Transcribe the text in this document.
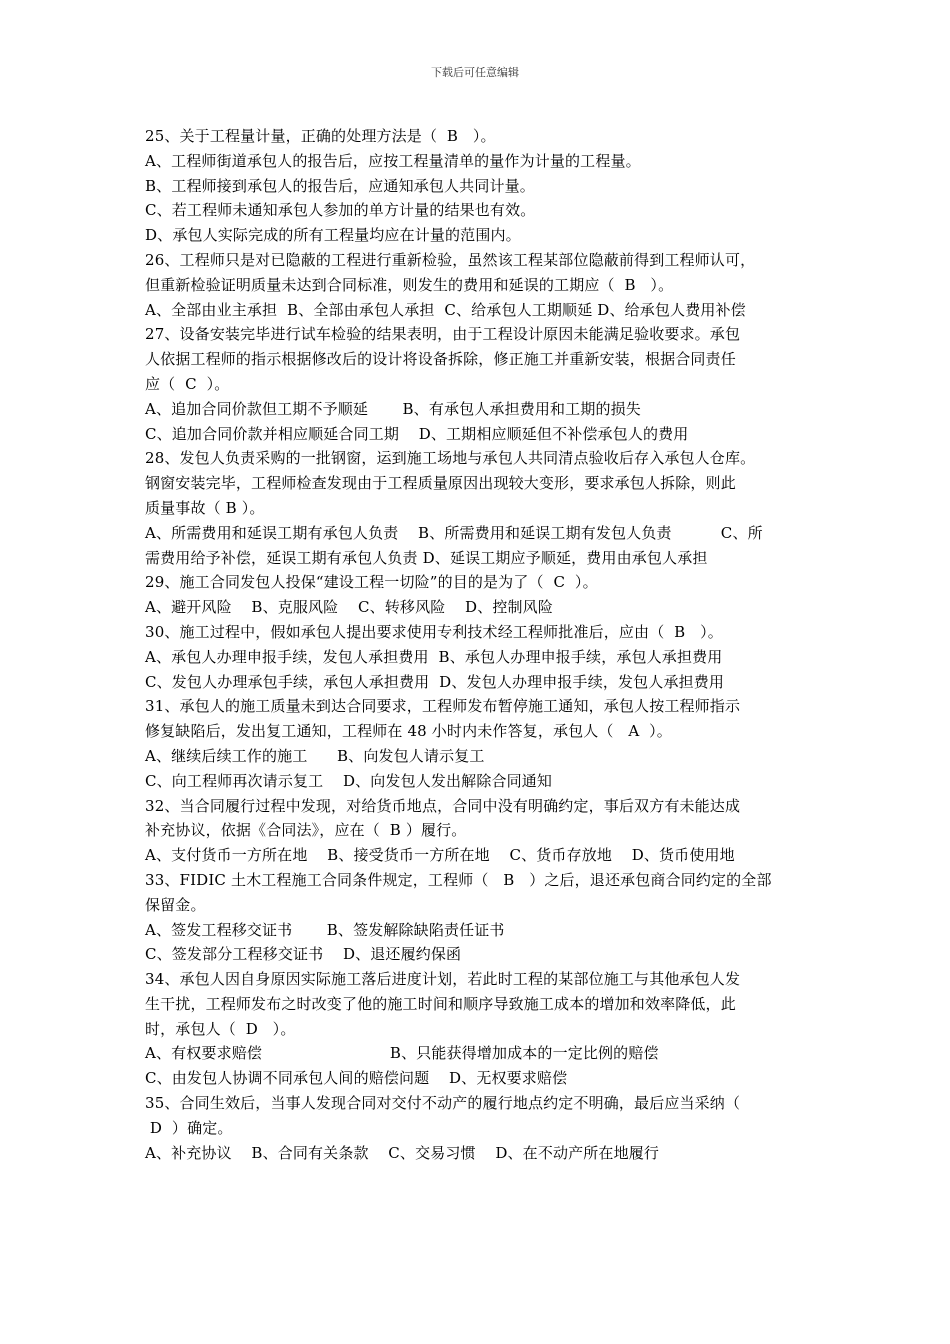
下载后可任意编辑
25、关于工程量计量，正确的处理方法是（  B   ）。
A、工程师街道承包人的报告后，应按工程量清单的量作为计量的工程量。
B、工程师接到承包人的报告后，应通知承包人共同计量。
C、若工程师未通知承包人参加的单方计量的结果也有效。
D、承包人实际完成的所有工程量均应在计量的范围内。
26、工程师只是对已隐蔽的工程进行重新检验，虽然该工程某部位隐蔽前得到工程师认可，
但重新检验证明质量未达到合同标准，则发生的费用和延误的工期应（  B   ）。
A、全部由业主承担  B、全部由承包人承担  C、给承包人工期顺延 D、给承包人费用补偿
27、设备安装完毕进行试车检验的结果表明，由于工程设计原因未能满足验收要求。承包
人依据工程师的指示根据修改后的设计将设备拆除，修正施工并重新安装，根据合同责任
应（  C  ）。
A、追加合同价款但工期不予顺延       B、有承包人承担费用和工期的损失
C、追加合同价款并相应顺延合同工期    D、工期相应顺延但不补偿承包人的费用
28、发包人负责采购的一批钢窗，运到施工场地与承包人共同清点验收后存入承包人仓库。
钢窗安装完毕，工程师检查发现由于工程质量原因出现较大变形，要求承包人拆除，则此
质量事故（ B ）。
A、所需费用和延误工期有承包人负责    B、所需费用和延误工期有发包人负责          C、所
需费用给予补偿，延误工期有承包人负责 D、延误工期应予顺延，费用由承包人承担
29、施工合同发包人投保“建设工程一切险”的目的是为了（  C  ）。
A、避开风险    B、克服风险    C、转移风险    D、控制风险
30、施工过程中，假如承包人提出要求使用专利技术经工程师批准后，应由（  B   ）。
A、承包人办理申报手续，发包人承担费用  B、承包人办理申报手续，承包人承担费用
C、发包人办理承包手续，承包人承担费用  D、发包人办理申报手续，发包人承担费用
31、承包人的施工质量未到达合同要求，工程师发布暂停施工通知，承包人按工程师指示
修复缺陷后，发出复工通知，工程师在 48 小时内未作答复，承包人（   A  ）。
A、继续后续工作的施工      B、向发包人请示复工
C、向工程师再次请示复工    D、向发包人发出解除合同通知
32、当合同履行过程中发现，对给货币地点，合同中没有明确约定，事后双方有未能达成
补充协议，依据《合同法》，应在（  B ）履行。
A、支付货币一方所在地    B、接受货币一方所在地    C、货币存放地    D、货币使用地
33、FIDIC 土木工程施工合同条件规定，工程师（   B   ）之后，退还承包商合同约定的全部
保留金。
A、签发工程移交证书       B、签发解除缺陷责任证书
C、签发部分工程移交证书    D、退还履约保函
34、承包人因自身原因实际施工落后进度计划，若此时工程的某部位施工与其他承包人发
生干扰，工程师发布之时改变了他的施工时间和顺序导致施工成本的增加和效率降低，此
时，承包人（  D   ）。
A、有权要求赔偿                          B、只能获得增加成本的一定比例的赔偿
C、由发包人协调不同承包人间的赔偿问题    D、无权要求赔偿
35、合同生效后，当事人发现合同对交付不动产的履行地点约定不明确，最后应当采纳（
D  ）确定。
A、补充协议    B、合同有关条款    C、交易习惯    D、在不动产所在地履行
